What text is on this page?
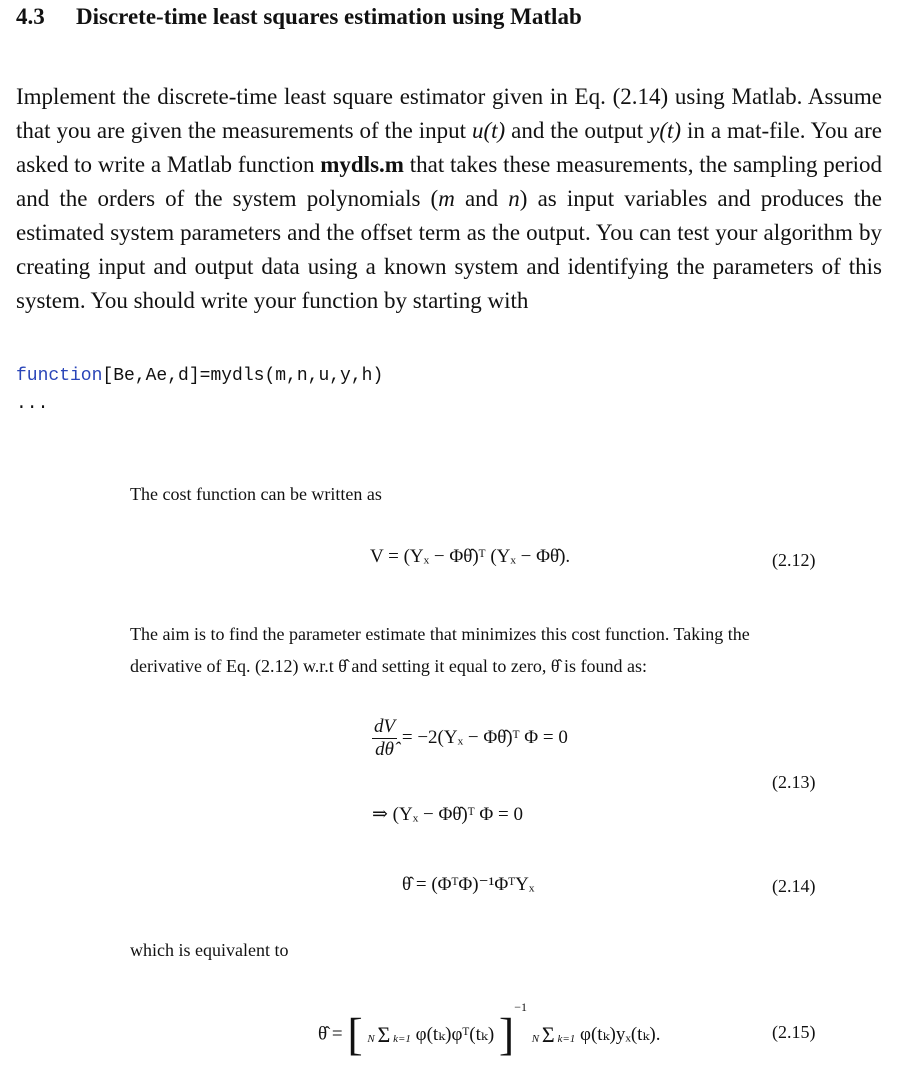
4.3 Discrete-time least squares estimation using Matlab
Implement the discrete-time least square estimator given in Eq. (2.14) using Matlab. Assume that you are given the measurements of the input u(t) and the output y(t) in a mat-file. You are asked to write a Matlab function mydls.m that takes these measurements, the sampling period and the orders of the system polynomials (m and n) as input variables and produces the estimated system parameters and the offset term as the output. You can test your algorithm by creating input and output data using a known system and identifying the parameters of this system. You should write your function by starting with
function[Be,Ae,d]=mydls(m,n,u,y,h)
...
The cost function can be written as
V = (Yₓ − Φθ̂)ᵀ (Yₓ − Φθ̂).	(2.12)
The aim is to find the parameter estimate that minimizes this cost function. Taking the
derivative of Eq. (2.12) w.r.t θ̂ and setting it equal to zero, θ̂ is found as:
$\frac{dV}{d\thetâ} = -2(Y_x$ − Φθ̂)ᵀ Φ = 0
(2.13)
⇒ (Yₓ − Φθ̂)ᵀ Φ = 0
θ̂ = (ΦᵀΦ)⁻¹ΦᵀYₓ	(2.14)
which is equivalent to
θ̂ = [ N Σ k=1 φ(tₖ)φᵀ(tₖ) ]$^{-1}$ N Σ k=1 φ(tₖ)yₓ(tₖ).	(2.15)
